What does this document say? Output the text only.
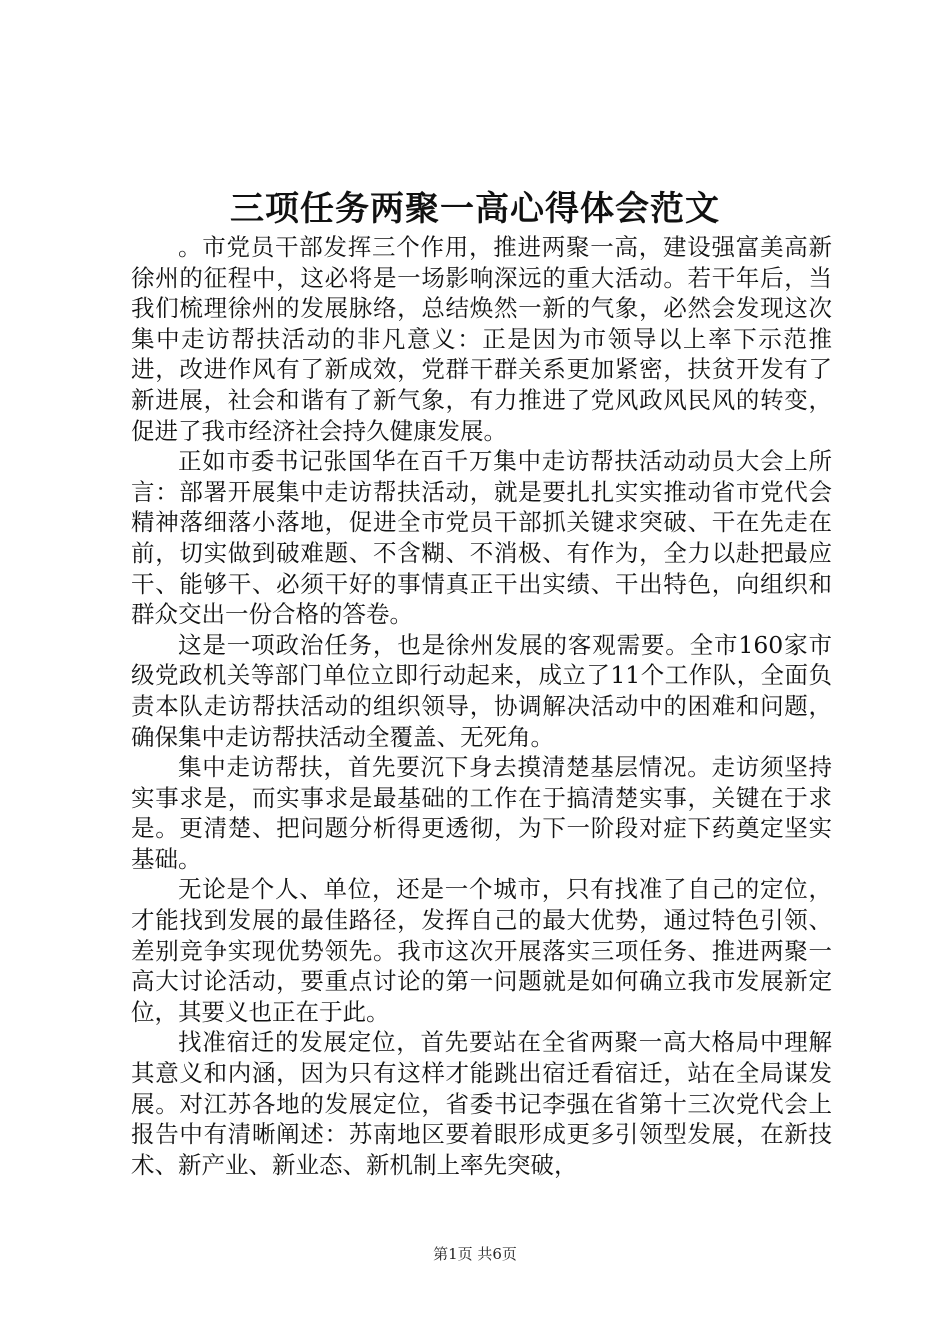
三项任务两聚一高心得体会范文

。市党员干部发挥三个作用，推进两聚一高，建设强富美高新徐州的征程中，这必将是一场影响深远的重大活动。若干年后，当我们梳理徐州的发展脉络，总结焕然一新的气象，必然会发现这次集中走访帮扶活动的非凡意义：正是因为市领导以上率下示范推进，改进作风有了新成效，党群干群关系更加紧密，扶贫开发有了新进展，社会和谐有了新气象，有力推进了党风政风民风的转变，促进了我市经济社会持久健康发展。

正如市委书记张国华在百千万集中走访帮扶活动动员大会上所言：部署开展集中走访帮扶活动，就是要扎扎实实推动省市党代会精神落细落小落地，促进全市党员干部抓关键求突破、干在先走在前，切实做到破难题、不含糊、不消极、有作为，全力以赴把最应干、能够干、必须干好的事情真正干出实绩、干出特色，向组织和群众交出一份合格的答卷。

这是一项政治任务，也是徐州发展的客观需要。全市160家市级党政机关等部门单位立即行动起来，成立了11个工作队，全面负责本队走访帮扶活动的组织领导，协调解决活动中的困难和问题，确保集中走访帮扶活动全覆盖、无死角。

集中走访帮扶，首先要沉下身去摸清楚基层情况。走访须坚持实事求是，而实事求是最基础的工作在于搞清楚实事，关键在于求是。更清楚、把问题分析得更透彻，为下一阶段对症下药奠定坚实基础。

无论是个人、单位，还是一个城市，只有找准了自己的定位，才能找到发展的最佳路径，发挥自己的最大优势，通过特色引领、差别竞争实现优势领先。我市这次开展落实三项任务、推进两聚一高大讨论活动，要重点讨论的第一问题就是如何确立我市发展新定位，其要义也正在于此。

找准宿迁的发展定位，首先要站在全省两聚一高大格局中理解其意义和内涵，因为只有这样才能跳出宿迁看宿迁，站在全局谋发展。对江苏各地的发展定位，省委书记李强在省第十三次党代会上报告中有清晰阐述：苏南地区要着眼形成更多引领型发展，在新技术、新产业、新业态、新机制上率先突破，

第1页 共6页
